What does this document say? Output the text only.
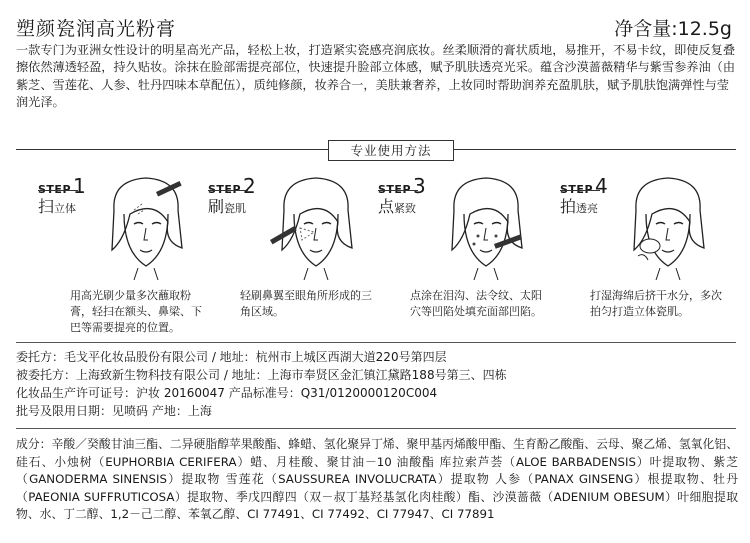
塑颜瓷润高光粉膏	净含量:12.5g

一款专门为亚洲女性设计的明星高光产品，轻松上妆，打造紧实瓷感亮润底妆。丝柔顺滑的膏状质地，易推开，不易卡纹，即使反复叠擦依然薄透轻盈，持久贴妆。涂抹在脸部需提亮部位，快速提升脸部立体感，赋予肌肤透亮光采。蕴含沙漠蔷薇精华与紫雪参养油（由紫芝、雪莲花、人参、牡丹四味本草配伍），质纯修颜，妆养合一，美肤兼奢养，上妆同时帮助润养充盈肌肤，赋予肌肤饱满弹性与莹润光泽。

专业使用方法
STEP 1
扫立体
用高光刷少量多次蘸取粉膏，轻扫在额头、鼻梁、下巴等需要提亮的位置。
STEP 2
刷瓷肌
轻刷鼻翼至眼角所形成的三角区域。
STEP 3
点紧致
点涂在泪沟、法令纹、太阳穴等凹陷处填充面部凹陷。
STEP 4
拍透亮
打湿海绵后挤干水分，多次拍匀打造立体瓷肌。
委托方：毛戈平化妆品股份有限公司 / 地址：杭州市上城区西湖大道220号第四层
被委托方：上海致新生物科技有限公司 / 地址：上海市奉贤区金汇镇江黛路188号第三、四栋
化妆品生产许可证号：沪妆 20160047 产品标准号：Q31/0120000120C004
批号及限用日期：见喷码 产地：上海

成分：辛酸／癸酸甘油三酯、二异硬脂醇苹果酸酯、蜂蜡、氢化聚异丁烯、聚甲基丙烯酸甲酯、生育酚乙酸酯、云母、聚乙烯、氢氧化铝、硅石、小烛树（EUPHORBIA CERIFERA）蜡、月桂酸、聚甘油－10 油酸酯 库拉索芦荟（ALOE BARBADENSIS）叶提取物、紫芝（GANODERMA SINENSIS）提取物 雪莲花（SAUSSUREA INVOLUCRATA）提取物 人参（PANAX GINSENG）根提取物、牡丹（PAEONIA SUFFRUTICOSA）提取物、季戊四醇四（双－叔丁基羟基氢化肉桂酸）酯、沙漠蔷薇（ADENIUM OBESUM）叶细胞提取物、水、丁二醇、1,2－己二醇、苯氧乙醇、CI 77491、CI 77492、CI 77947、CI 77891
